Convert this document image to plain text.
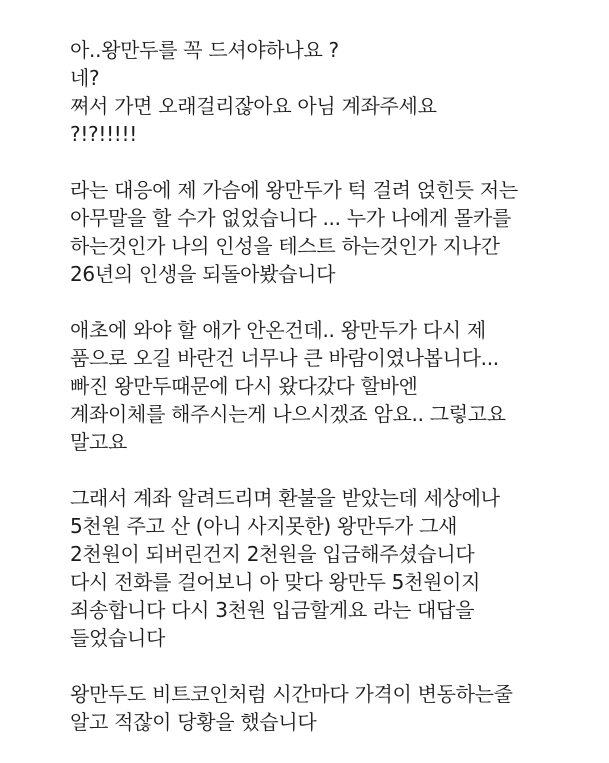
아..왕만두를 꼭 드셔야하나요 ?
네?
쪄서 가면 오래걸리잖아요 아님 계좌주세요
?!?!!!!!
라는 대응에 제 가슴에 왕만두가 턱 걸려 얹힌듯 저는
아무말을 할 수가 없었습니다 ... 누가 나에게 몰카를
하는것인가 나의 인성을 테스트 하는것인가 지나간
26년의 인생을 되돌아봤습니다
애초에 와야 할 애가 안온건데.. 왕만두가 다시 제
품으로 오길 바란건 너무나 큰 바람이였나봅니다...
빠진 왕만두때문에 다시 왔다갔다 할바엔
계좌이체를 해주시는게 나으시겠죠 암요.. 그렇고요
말고요
그래서 계좌 알려드리며 환불을 받았는데 세상에나
5천원 주고 산 (아니 사지못한) 왕만두가 그새
2천원이 되버린건지 2천원을 입금해주셨습니다
다시 전화를 걸어보니 아 맞다 왕만두 5천원이지
죄송합니다 다시 3천원 입금할게요 라는 대답을
들었습니다
왕만두도 비트코인처럼 시간마다 가격이 변동하는줄
알고 적잖이 당황을 했습니다
